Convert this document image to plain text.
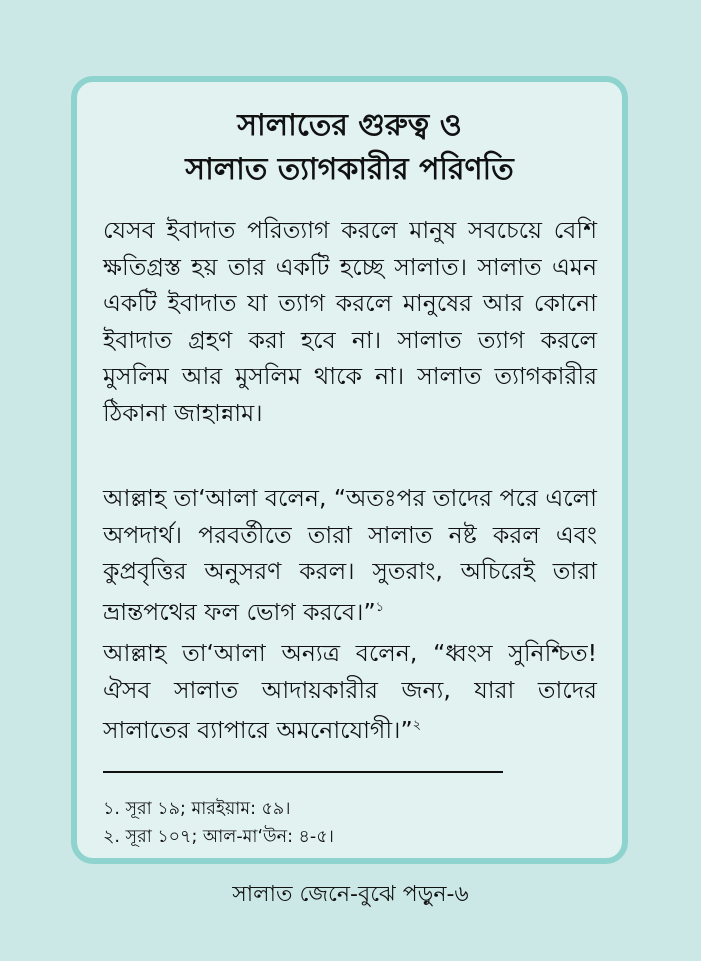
সালাতের গুরুত্ব ও
সালাত ত্যাগকারীর পরিণতি

যেসব ইবাদাত পরিত্যাগ করলে মানুষ সবচেয়ে বেশি ক্ষতিগ্রস্ত হয় তার একটি হচ্ছে সালাত। সালাত এমন একটি ইবাদাত যা ত্যাগ করলে মানুষের আর কোনো ইবাদাত গ্রহণ করা হবে না। সালাত ত্যাগ করলে মুসলিম আর মুসলিম থাকে না। সালাত ত্যাগকারীর ঠিকানা জাহান্নাম।

আল্লাহ তা‘আলা বলেন, “অতঃপর তাদের পরে এলো অপদার্থ। পরবর্তীতে তারা সালাত নষ্ট করল এবং কুপ্রবৃত্তির অনুসরণ করল। সুতরাং, অচিরেই তারা ভ্রান্তপথের ফল ভোগ করবে।”$^১$

আল্লাহ তা‘আলা অন্যত্র বলেন, “ধ্বংস সুনিশ্চিত! ঐসব সালাত আদায়কারীর জন্য, যারা তাদের সালাতের ব্যাপারে অমনোযোগী।”$^২$

১. সূরা ১৯; মারইয়াম: ৫৯।
২. সূরা ১০৭; আল-মা‘উন: ৪-৫।
সালাত জেনে-বুঝে পড়ুন-৬
